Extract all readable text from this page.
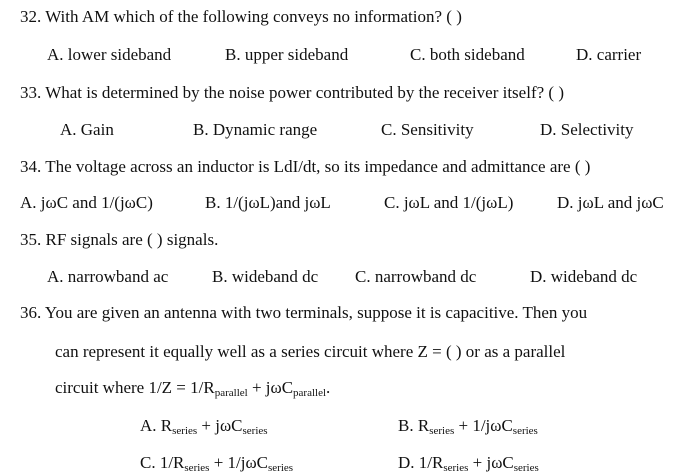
32. With AM which of the following conveys no information? ( )
A. lower sideband	B. upper sideband	C. both sideband	D. carrier
33. What is determined by the noise power contributed by the receiver itself? ( )
A. Gain	B. Dynamic range	C. Sensitivity	D. Selectivity
34. The voltage across an inductor is LdI/dt, so its impedance and admittance are ( )
A. jωC and 1/(jωC)	B. 1/(jωL)and jωL	C. jωL and 1/(jωL)	D. jωL and jωC
35. RF signals are ( ) signals.
A. narrowband ac	B. wideband dc C. narrowband dc	D. wideband dc
36. You are given an antenna with two terminals, suppose it is capacitive. Then you
can represent it equally well as a series circuit where Z = ( ) or as a parallel
circuit where $1/Z = 1/R_{parallel} + j\omega C_{parallel}$.
A. $R_{series} + j\omega C_{series}$	B. $R_{series} + 1/j\omega C_{series}$
C. $1/R_{series} + 1/j\omega C_{series}$	D. $1/R_{series} + j\omega C_{series}$
